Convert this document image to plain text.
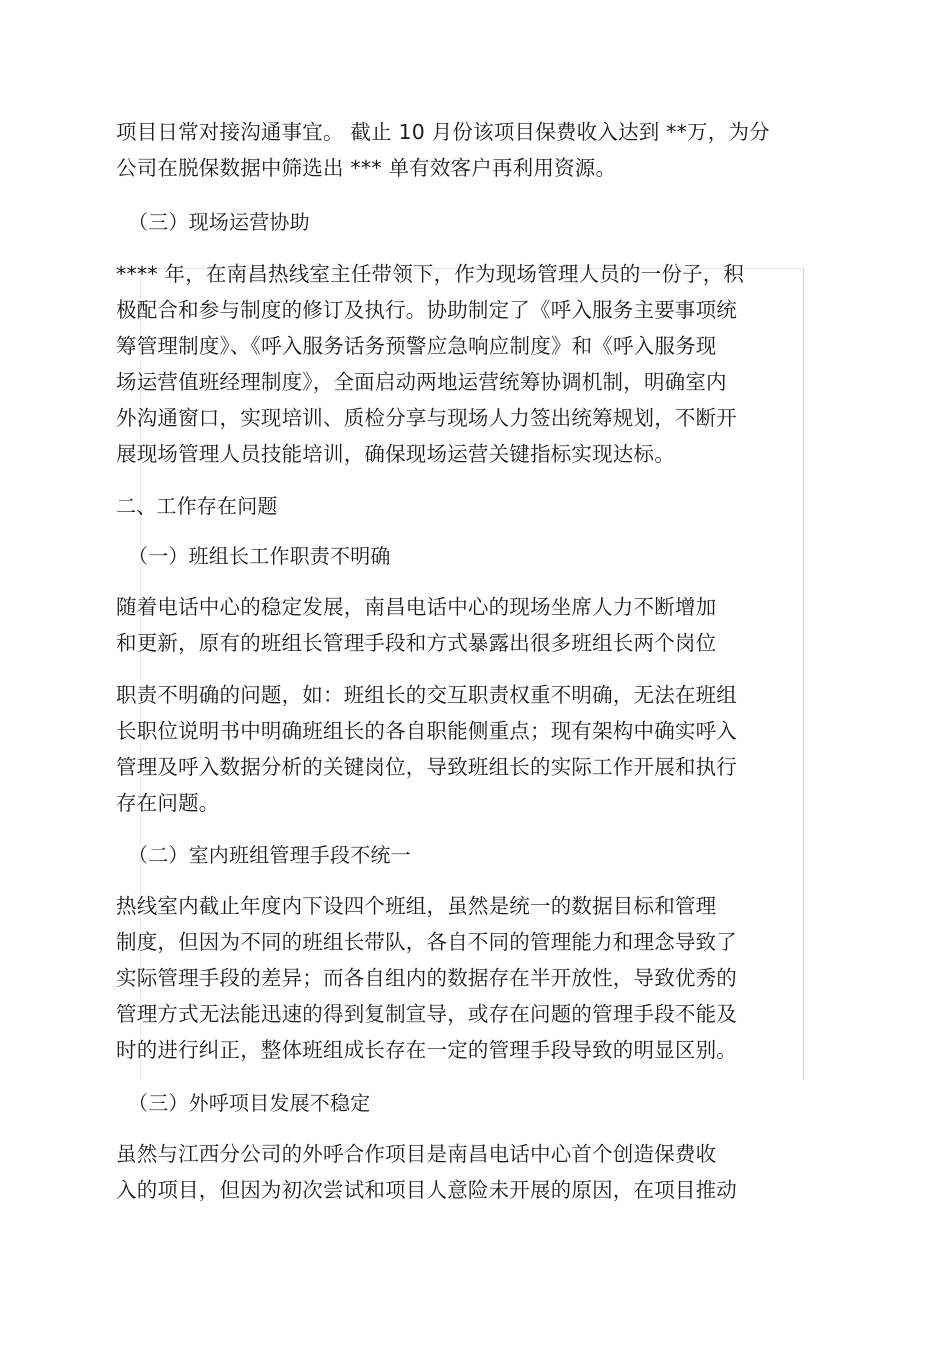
项目日常对接沟通事宜。 截止 10 月份该项目保费收入达到 **万，为分
公司在脱保数据中筛选出 *** 单有效客户再利用资源。
（三）现场运营协助
**** 年，在南昌热线室主任带领下，作为现场管理人员的一份子，积
极配合和参与制度的修订及执行。协助制定了《呼入服务主要事项统
筹管理制度》、《呼入服务话务预警应急响应制度》和《呼入服务现
场运营值班经理制度》，全面启动两地运营统筹协调机制，明确室内
外沟通窗口，实现培训、质检分享与现场人力签出统筹规划，不断开
展现场管理人员技能培训，确保现场运营关键指标实现达标。
二、工作存在问题
（一）班组长工作职责不明确
随着电话中心的稳定发展，南昌电话中心的现场坐席人力不断增加
和更新，原有的班组长管理手段和方式暴露出很多班组长两个岗位
职责不明确的问题，如：班组长的交互职责权重不明确，无法在班组
长职位说明书中明确班组长的各自职能侧重点；现有架构中确实呼入
管理及呼入数据分析的关键岗位，导致班组长的实际工作开展和执行
存在问题。
（二）室内班组管理手段不统一
热线室内截止年度内下设四个班组，虽然是统一的数据目标和管理
制度，但因为不同的班组长带队，各自不同的管理能力和理念导致了
实际管理手段的差异；而各自组内的数据存在半开放性，导致优秀的
管理方式无法能迅速的得到复制宣导，或存在问题的管理手段不能及
时的进行纠正，整体班组成长存在一定的管理手段导致的明显区别。
（三）外呼项目发展不稳定
虽然与江西分公司的外呼合作项目是南昌电话中心首个创造保费收
入的项目，但因为初次尝试和项目人意险未开展的原因，在项目推动
